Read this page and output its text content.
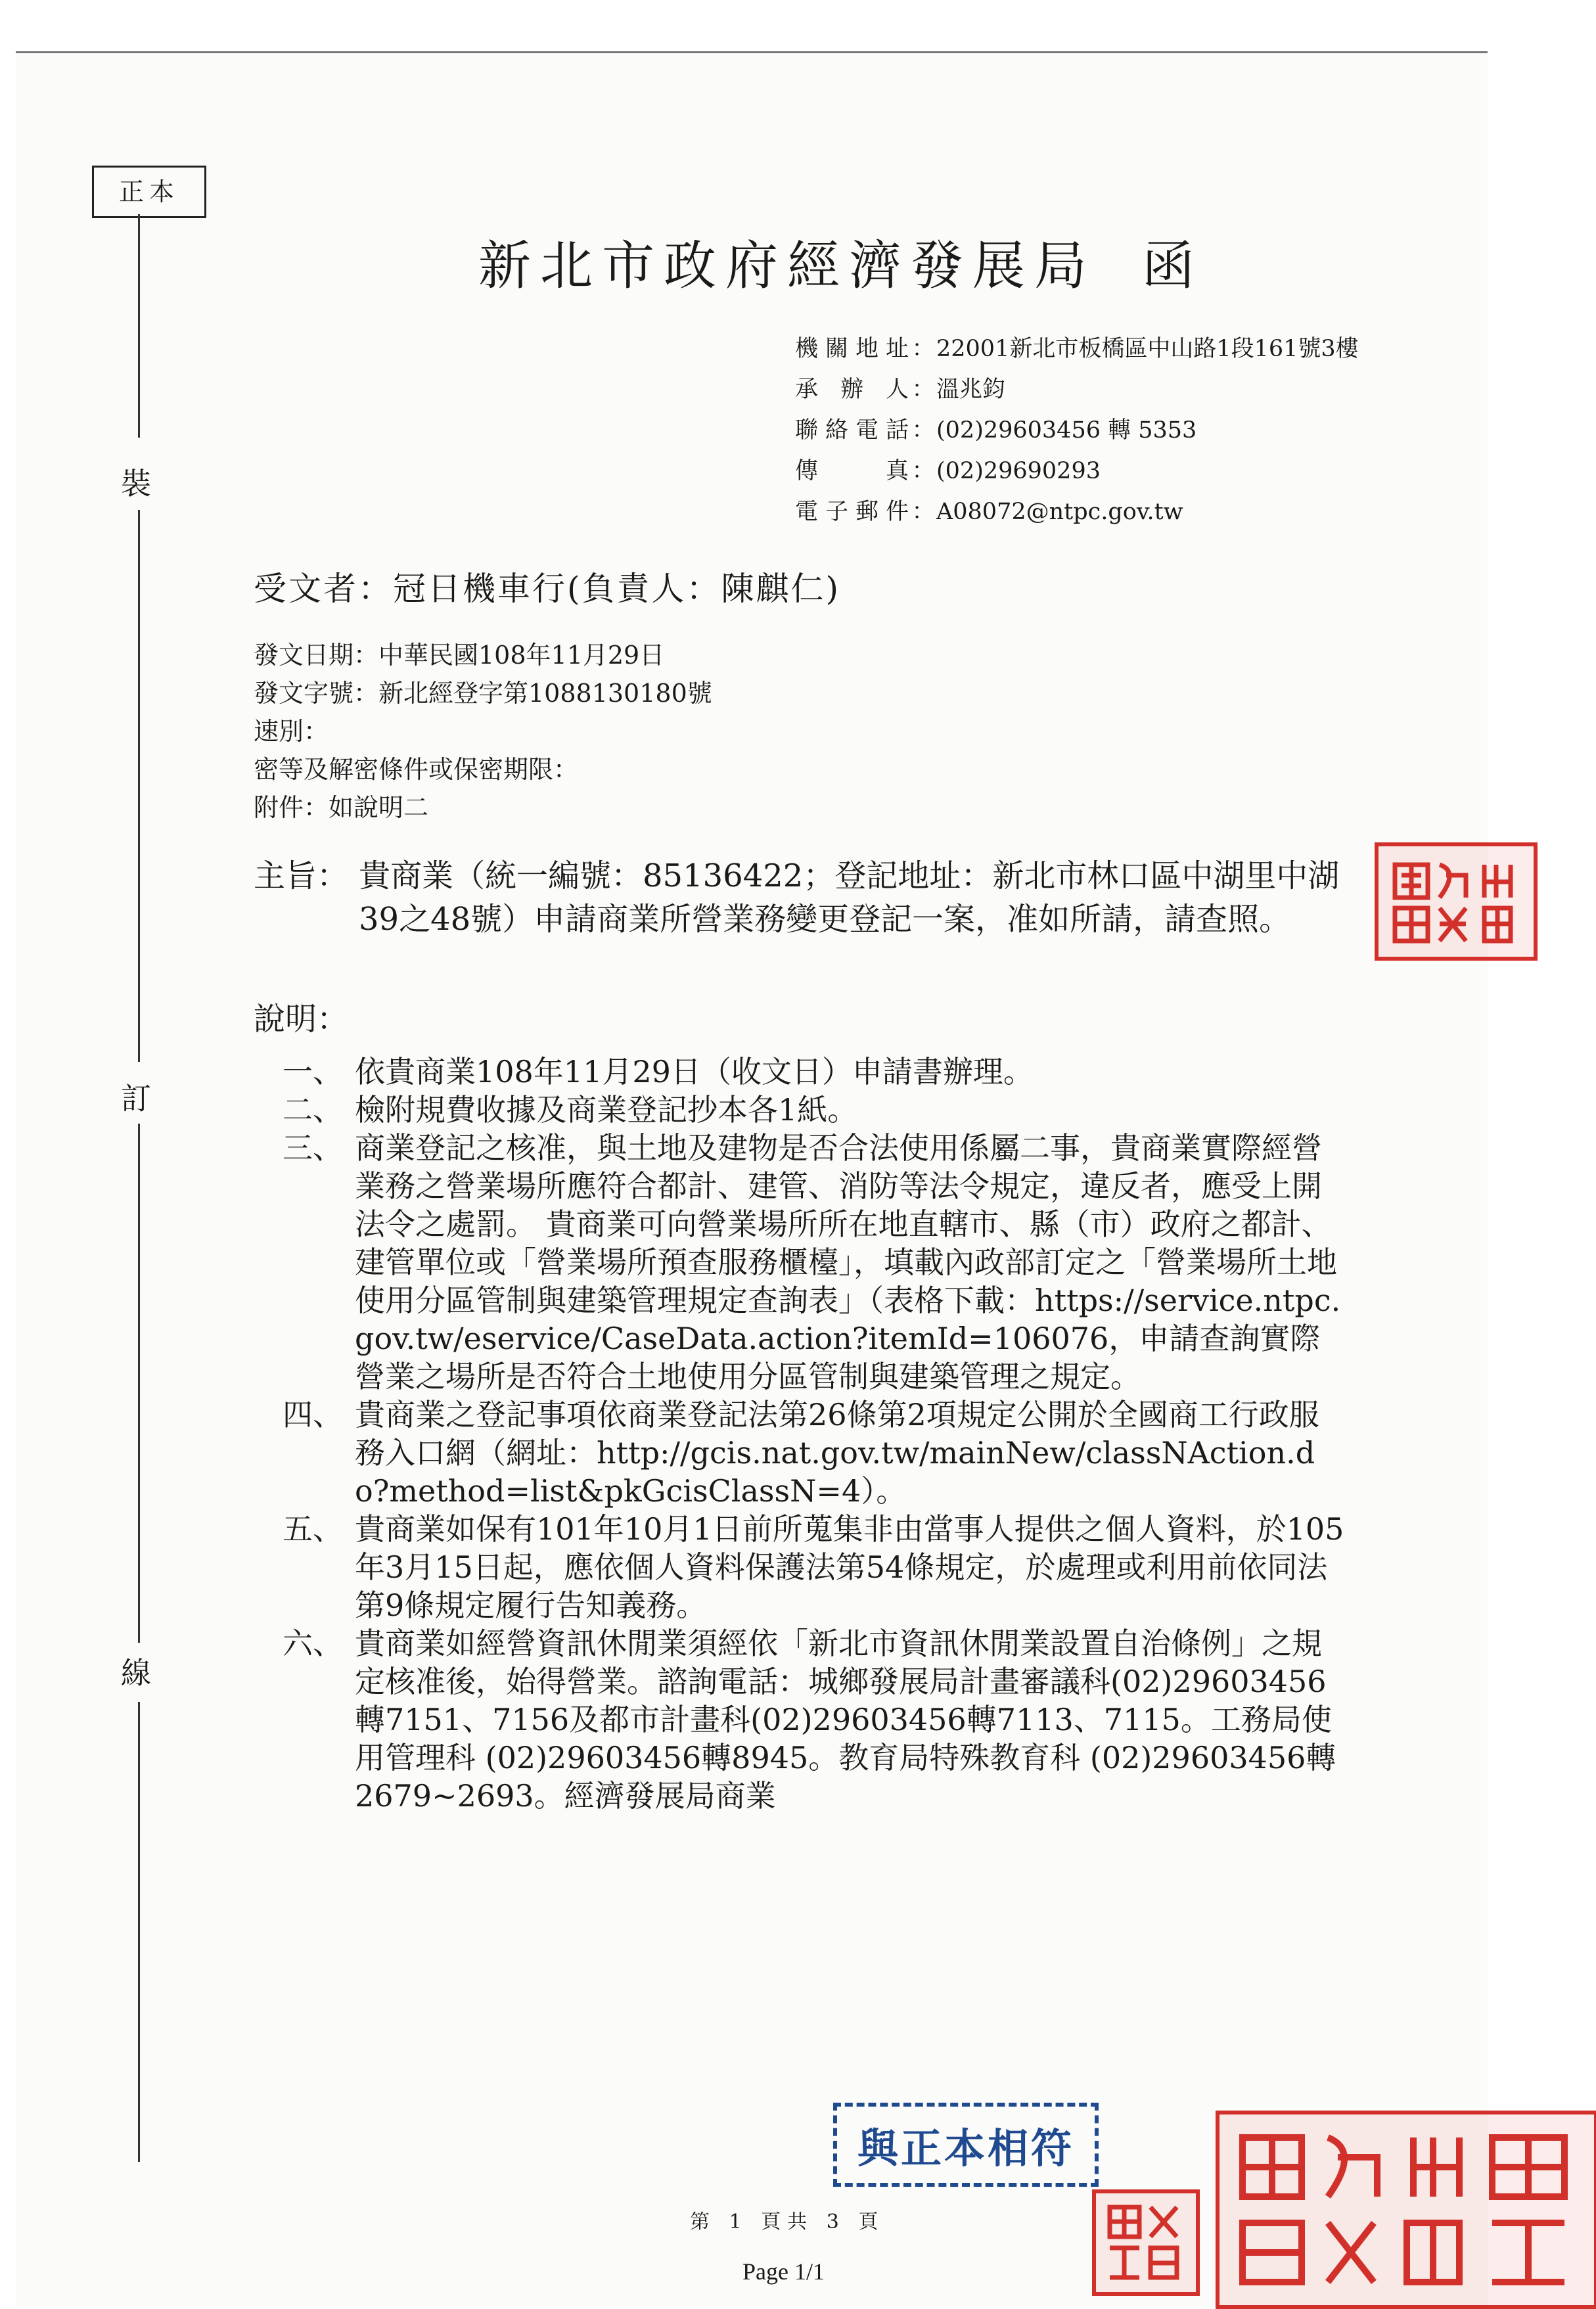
正本
裝
訂
線
新北市政府經濟發展局 函
機關地址 ： 22001新北市板橋區中山路1段161號3樓
承辦人 ： 溫兆鈞
聯絡電話 ： (02)29603456 轉 5353
傳真 ： (02)29690293
電子郵件 ： A08072@ntpc.gov.tw
受文者：冠日機車行(負責人：陳麒仁)
發文日期：中華民國108年11月29日
發文字號：新北經登字第1088130180號
速別：
密等及解密條件或保密期限：
附件：如說明二
主旨： 貴商業（統一編號：85136422；登記地址：新北市林口區中湖里中湖39之48號）申請商業所營業務變更登記一案，准如所請，請查照。
說明：
一、 依貴商業108年11月29日（收文日）申請書辦理。
二、 檢附規費收據及商業登記抄本各1紙。
三、 商業登記之核准，與土地及建物是否合法使用係屬二事，貴商業實際經營業務之營業場所應符合都計、建管、消防等法令規定，違反者，應受上開法令之處罰。 貴商業可向營業場所所在地直轄市、縣（市）政府之都計、建管單位或「營業場所預查服務櫃檯」，填載內政部訂定之「營業場所土地使用分區管制與建築管理規定查詢表」（表格下載：https://service.ntpc.gov.tw/eservice/CaseData.action?itemId=106076，申請查詢實際營業之場所是否符合土地使用分區管制與建築管理之規定。
四、 貴商業之登記事項依商業登記法第26條第2項規定公開於全國商工行政服務入口網（網址：http://gcis.nat.gov.tw/mainNew/classNAction.do?method=list&pkGcisClassN=4）。
五、 貴商業如保有101年10月1日前所蒐集非由當事人提供之個人資料，於105年3月15日起，應依個人資料保護法第54條規定，於處理或利用前依同法第9條規定履行告知義務。
六、 貴商業如經營資訊休閒業須經依「新北市資訊休閒業設置自治條例」之規定核准後，始得營業。諮詢電話：城鄉發展局計畫審議科(02)29603456轉7151、7156及都市計畫科(02)29603456轉7113、7115。工務局使用管理科 (02)29603456轉8945。教育局特殊教育科 (02)29603456轉2679~2693。經濟發展局商業
與正本相符
第 1 頁共 3 頁
Page 1/1
